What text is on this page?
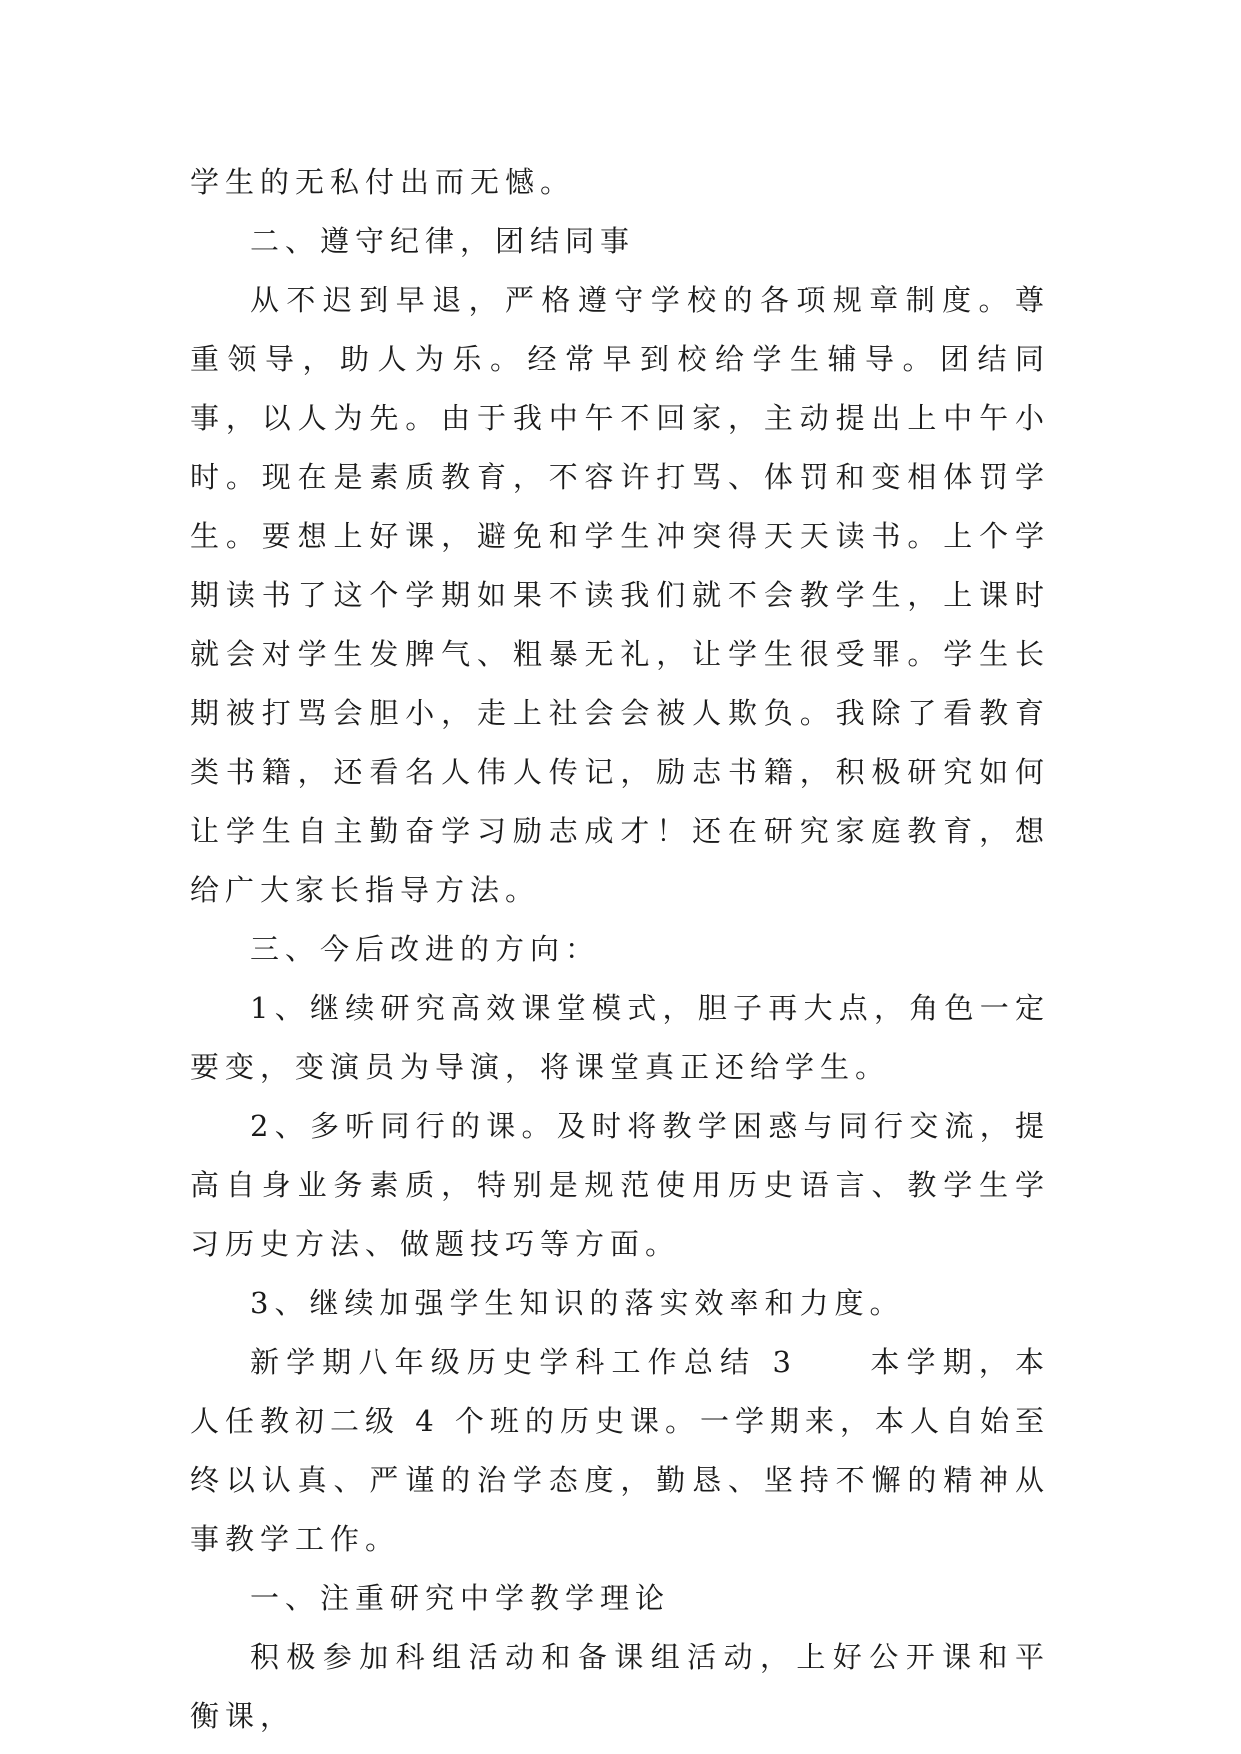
学生的无私付出而无憾。

二、遵守纪律，团结同事

从不迟到早退，严格遵守学校的各项规章制度。尊重领导，助人为乐。经常早到校给学生辅导。团结同事，以人为先。由于我中午不回家，主动提出上中午小时。现在是素质教育，不容许打骂、体罚和变相体罚学生。要想上好课，避免和学生冲突得天天读书。上个学期读书了这个学期如果不读我们就不会教学生，上课时就会对学生发脾气、粗暴无礼，让学生很受罪。学生长期被打骂会胆小，走上社会会被人欺负。我除了看教育类书籍，还看名人伟人传记，励志书籍，积极研究如何让学生自主勤奋学习励志成才！还在研究家庭教育，想给广大家长指导方法。

三、今后改进的方向：

1、继续研究高效课堂模式，胆子再大点，角色一定要变，变演员为导演，将课堂真正还给学生。

2、多听同行的课。及时将教学困惑与同行交流，提高自身业务素质，特别是规范使用历史语言、教学生学习历史方法、做题技巧等方面。

3、继续加强学生知识的落实效率和力度。

新学期八年级历史学科工作总结 3　　本学期，本人任教初二级 4 个班的历史课。一学期来，本人自始至终以认真、严谨的治学态度，勤恳、坚持不懈的精神从事教学工作。

一、注重研究中学教学理论

积极参加科组活动和备课组活动，上好公开课和平衡课，
